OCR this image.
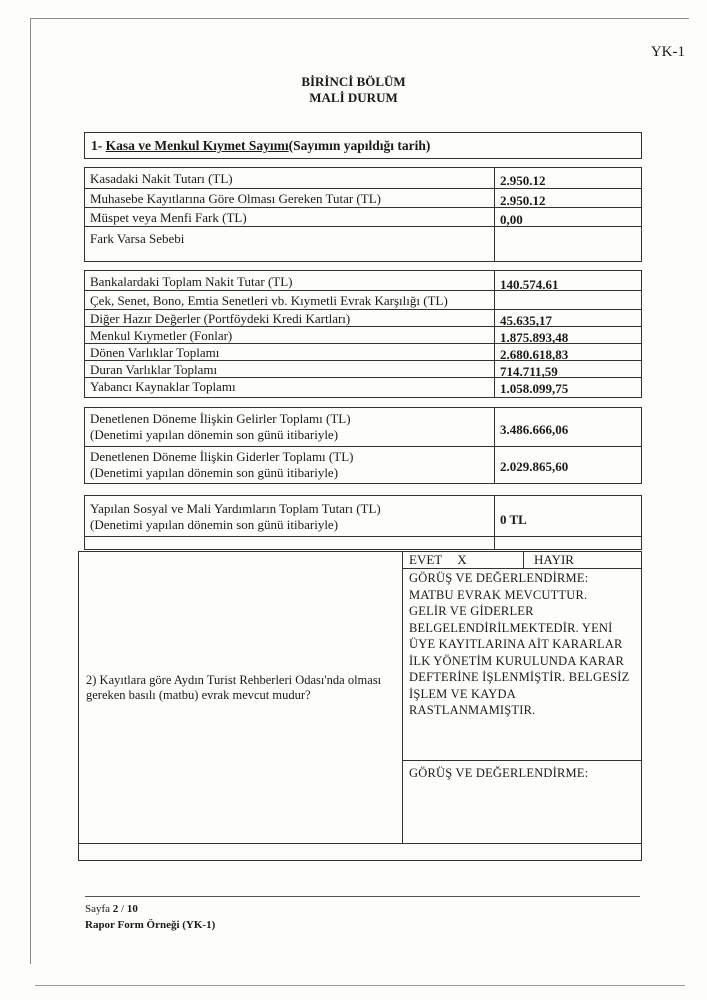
YK-1
BİRİNCİ BÖLÜM
MALİ DURUM
1- Kasa ve Menkul Kıymet Sayımı(Sayımın yapıldığı tarih)
Kasadaki Nakit Tutarı (TL)	2.950.12
Muhasebe Kayıtlarına Göre Olması Gereken Tutar (TL)	2.950.12
Müspet veya Menfi Fark (TL)	0,00
Fark Varsa Sebebi
Bankalardaki Toplam Nakit Tutar (TL)	140.574.61
Çek, Senet, Bono, Emtia Senetleri vb. Kıymetli Evrak Karşılığı (TL)
Diğer Hazır Değerler (Portföydeki Kredi Kartları)	45.635,17
Menkul Kıymetler (Fonlar)	1.875.893,48
Dönen Varlıklar Toplamı	2.680.618,83
Duran Varlıklar Toplamı	714.711,59
Yabancı Kaynaklar Toplamı	1.058.099,75
Denetlenen Döneme İlişkin Gelirler Toplamı (TL)
(Denetimi yapılan dönemin son günü itibariyle)	3.486.666,06
Denetlenen Döneme İlişkin Giderler Toplamı (TL)
(Denetimi yapılan dönemin son günü itibariyle)	2.029.865,60
Yapılan Sosyal ve Mali Yardımların Toplam Tutarı (TL)
(Denetimi yapılan dönemin son günü itibariyle)	0 TL
EVET X	HAYIR
2) Kayıtlara göre Aydın Turist Rehberleri Odası'nda olması gereken basılı (matbu) evrak mevcut mudur?
GÖRÜŞ VE DEĞERLENDİRME:
MATBU EVRAK MEVCUTTUR.
GELİR VE GİDERLER
BELGELENDİRİLMEKTEDİR. YENİ
ÜYE KAYITLARINA AİT KARARLAR
İLK YÖNETİM KURULUNDA KARAR
DEFTERİNE İŞLENMİŞTİR. BELGESİZ
İŞLEM VE KAYDA
RASTLANMAMIŞTIR.
GÖRÜŞ VE DEĞERLENDİRME:
Sayfa 2 / 10
Rapor Form Örneği (YK-1)
